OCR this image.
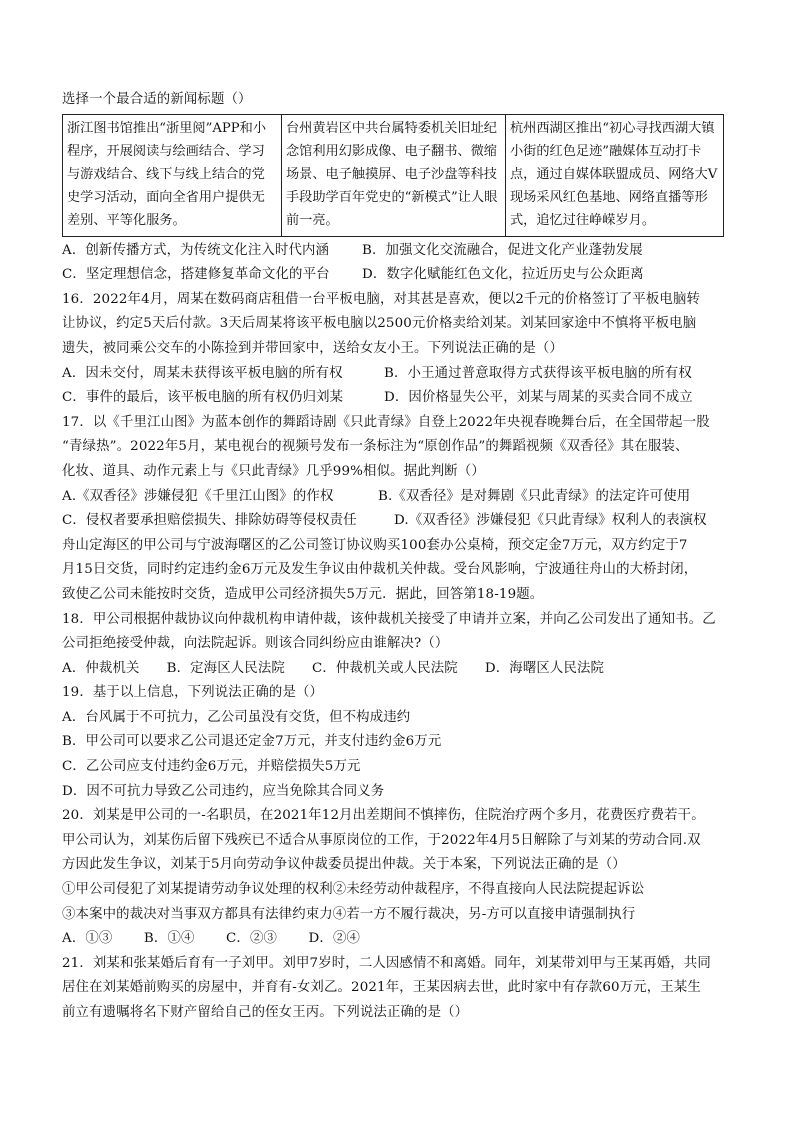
选择一个最合适的新闻标题（）
浙江图书馆推出“浙里阅”APP和小程序，开展阅读与绘画结合、学习与游戏结合、线下与线上结合的党史学习活动，面向全省用户提供无差别、平等化服务。	台州黄岩区中共台属特委机关旧址纪念馆利用幻影成像、电子翻书、微缩场景、电子触摸屏、电子沙盘等科技手段助学百年党史的“新模式”让人眼前一亮。	杭州西湖区推出“初心寻找西湖大镇小街的红色足迹”融媒体互动打卡点，通过自媒体联盟成员、网络大V现场采风红色基地、网络直播等形式，追忆过往峥嵘岁月。
A．创新传播方式，为传统文化注入时代内涵	B．加强文化交流融合，促进文化产业蓬勃发展
C．坚定理想信念，搭建修复革命文化的平台	D．数字化赋能红色文化，拉近历史与公众距离
16．2022年4月，周某在数码商店租借一台平板电脑，对其甚是喜欢，便以2千元的价格签订了平板电脑转
让协议，约定5天后付款。3天后周某将该平板电脑以2500元价格卖给刘某。刘某回家途中不慎将平板电脑
遗失，被同乘公交车的小陈捡到并带回家中，送给女友小王。下列说法正确的是（）
A．因未交付，周某未获得该平板电脑的所有权	B．小王通过普意取得方式获得该平板电脑的所有权
C．事件的最后，该平板电脑的所有权仍归刘某	D．因价格显失公平，刘某与周某的买卖合同不成立
17．以《千里江山图》为蓝本创作的舞蹈诗剧《只此青绿》自登上2022年央视春晚舞台后，在全国带起一股
“青绿热”。2022年5月，某电视台的视频号发布一条标注为“原创作品”的舞蹈视频《双香径》其在服装、
化妆、道具、动作元素上与《只此青绿》几乎99%相似。据此判断（）
A.《双香径》涉嫌侵犯《千里江山图》的作权	B.《双香径》是对舞剧《只此青绿》的法定许可使用
C．侵权者要承担赔偿损失、排除妨碍等侵权责任	D.《双香径》涉嫌侵犯《只此青绿》权利人的表演权
舟山定海区的甲公司与宁波海曙区的乙公司签订协议购买100套办公桌椅，预交定金7万元，双方约定于7
月15日交货，同时约定违约金6万元及发生争议由仲裁机关仲裁。受台风影响，宁波通往舟山的大桥封闭，
致使乙公司未能按时交货，造成甲公司经济损失5万元．据此，回答第18-19题。
18．甲公司根据仲裁协议向仲裁机构申请仲裁，该仲裁机关接受了申请并立案，并向乙公司发出了通知书。乙
公司拒绝接受仲裁，向法院起诉。则该合同纠纷应由谁解决?（）
A．仲裁机关　　B．定海区人民法院　　C．仲裁机关或人民法院　　D．海曙区人民法院
19．基于以上信息，下列说法正确的是（）
A．台风属于不可抗力，乙公司虽没有交货，但不构成违约
B．甲公司可以要求乙公司退还定金7万元，并支付违约金6万元
C．乙公司应支付违约金6万元，并赔偿损失5万元
D．因不可抗力导致乙公司违约，应当免除其合同义务
20．刘某是甲公司的一-名职员，在2021年12月出差期间不慎摔伤，住院治疗两个多月，花费医疗费若干。
甲公司认为，刘某伤后留下残疾已不适合从事原岗位的工作，于2022年4月5日解除了与刘某的劳动合同.双
方因此发生争议，刘某于5月向劳动争议仲裁委员提出仲裁。关于本案，下列说法正确的是（）
①甲公司侵犯了刘某提请劳动争议处理的权利②未经劳动仲裁程序，不得直接向人民法院提起诉讼
③本案中的裁决对当事双方都具有法律约束力④若一方不履行裁决，另-方可以直接申请强制执行
A．①③　　 B．①④　　 C．②③　　 D．②④
21．刘某和张某婚后育有一子刘甲。刘甲7岁时，二人因感情不和离婚。同年，刘某带刘甲与王某再婚，共同
居住在刘某婚前购买的房屋中，并育有-女刘乙。2021年，王某因病去世，此时家中有存款60万元，王某生
前立有遗嘱将名下财产留给自己的侄女王丙。下列说法正确的是（）
